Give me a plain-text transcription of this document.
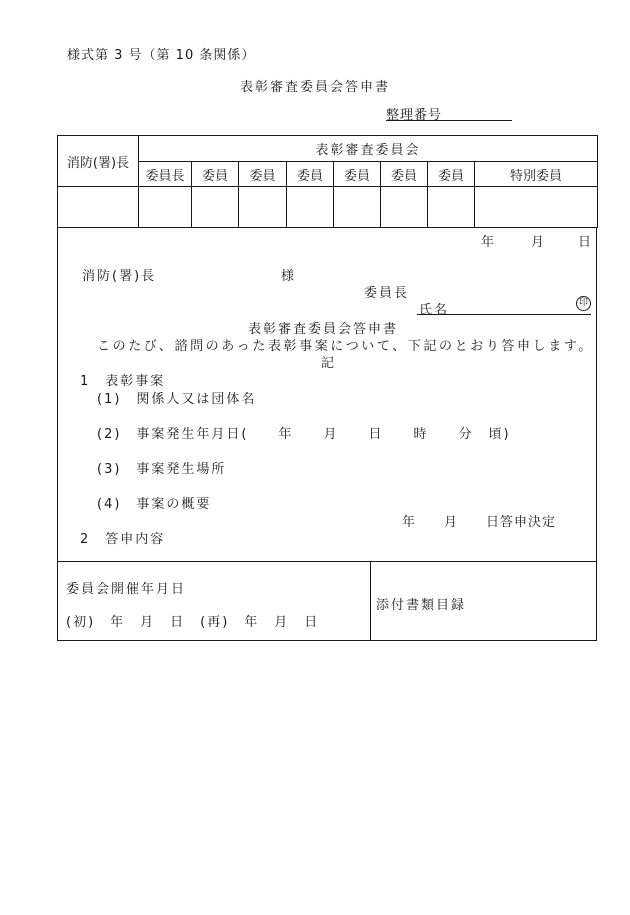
様式第 3 号（第 10 条関係）
表彰審査委員会答申書
整理番号
消防(署)長	表彰審査委員会							
	委員長	委員	委員	委員	委員	委員	委員	特別委員

年	月	日
消防(署)長	様
委員長
氏名	印
表彰審査委員会答申書
このたび、諮問のあった表彰事案について、下記のとおり答申します。
記
1　表彰事案
(1)　関係人又は団体名
(2)　事案発生年月日(　　年　　月　　日　　時　　分　頃)
(3)　事案発生場所
(4)　事案の概要
年　　月　　日答申決定
2　答申内容
委員会開催年月日
(初)　年　月　日　(再)　年　月　日
添付書類目録
